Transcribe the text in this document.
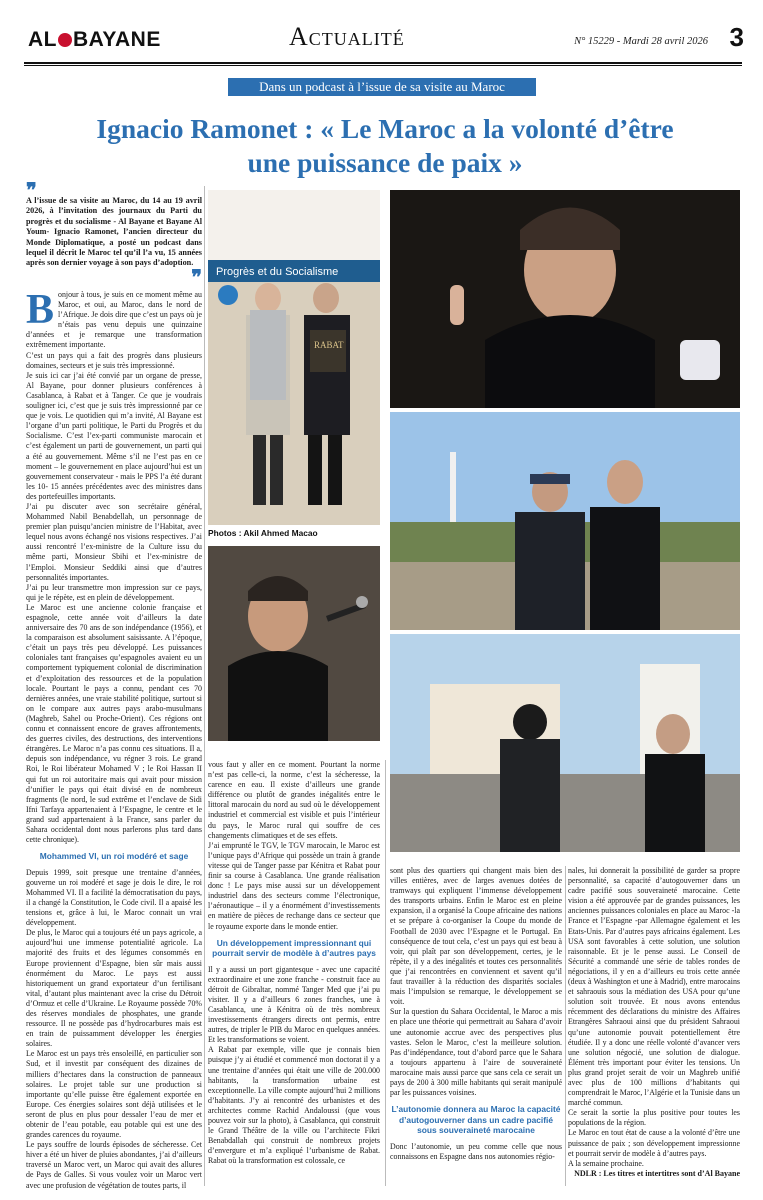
AL BAYANE	Actualité	N° 15229 - Mardi 28 avril 2026 3
Dans un podcast à l’issue de sa visite au Maroc
Ignacio Ramonet : « Le Maroc a la volonté d’être
une puissance de paix »
❞

A l’issue de sa visite au Maroc, du 14 au 19 avril 2026, à l’invitation des journaux du Parti du progrès et du socialisme - Al Bayane et Bayane Al Youm- Ignacio Ramonet, l’ancien directeur du Monde Diplomatique, a posté un podcast dans lequel il décrit le Maroc tel qu’il l’a vu, 15 années après son dernier voyage à son pays d’adoption.

❞
B onjour à tous, je suis en ce moment même au Maroc, et oui, au Maroc, dans le nord de l’Afrique. Je dois dire que c’est un pays où je n’étais pas venu depuis une quinzaine d’années et je remarque une transformation extrêmement importante.

C’est un pays qui a fait des progrès dans plusieurs domaines, secteurs et je suis très impressionné.

Je suis ici car j’ai été convié par un organe de presse, Al Bayane, pour donner plusieurs conférences à Casablanca, à Rabat et à Tanger. Ce que je voudrais souligner ici, c’est que je suis très impressionné par ce que je vois. Le quotidien qui m’a invité, Al Bayane est l’organe d’un parti politique, le Parti du Progrès et du Socialisme. C’est l’ex-parti communiste marocain et c’est également un parti de gouvernement, un parti qui a été au gouvernement. Même s’il ne l’est pas en ce moment – le gouvernement en place aujourd’hui est un gouvernement conservateur - mais le PPS l’a été durant les 10- 15 années précédentes avec des ministres dans des portefeuilles importants.

J’ai pu discuter avec son secrétaire général, Mohammed Nabil Benabdellah, un personnage de premier plan puisqu’ancien ministre de l’Habitat, avec lequel nous avons échangé nos visions respectives. J’ai aussi rencontré l’ex-ministre de la Culture issu du même parti, Monsieur Sbihi et l’ex-ministre de l’Emploi. Monsieur Seddiki ainsi que d’autres personnalités importantes.

J’ai pu leur transmettre mon impression sur ce pays, qui je le répète, est en plein de développement.

Le Maroc est une ancienne colonie française et espagnole, cette année voit d’ailleurs la date anniversaire des 70 ans de son indépendance (1956), et la comparaison est absolument saisissante. A l’époque, c’était un pays très peu développé. Les puissances coloniales tant françaises qu’espagnoles avaient eu un comportement typiquement colonial de discrimination et d’exploitation des ressources et de la population locale. Pourtant le pays a connu, pendant ces 70 dernières années, une vraie stabilité politique, surtout si on le compare aux autres pays arabo-musulmans (Maghreb, Sahel ou Proche-Orient). Ces régions ont connu et connaissent encore de graves affrontements, des guerres civiles, des destructions, des interventions étrangères. Le Maroc n’a pas connu ces situations. Il a, depuis son indépendance, vu régner 3 rois. Le grand Roi, le Roi libérateur Mohamed V ; le Roi Hassan II qui fut un roi autoritaire mais qui avait pour mission d’unifier le pays qui était divisé en de nombreux fragments (le nord, le sud extrême et l’enclave de Sidi Ifni Tarfaya appartenaient à l’Espagne, le centre et le grand sud appartenaient à la France, sans parler du Sahara occidental dont nous parlerons plus tard dans cette chronique).

Mohammed VI, un roi modéré et sage

Depuis 1999, soit presque une trentaine d’années, gouverne un roi modéré et sage je dois le dire, le roi Mohammed VI. Il a facilité la démocratisation du pays, il a changé la Constitution, le Code civil. Il a apaisé les tensions et, grâce à lui, le Maroc connait un vrai développement.

De plus, le Maroc qui a toujours été un pays agricole, a aujourd’hui une immense potentialité agricole. La majorité des fruits et des légumes consommés en Europe proviennent d’Espagne, bien sûr mais aussi énormément du Maroc. Le pays est aussi historiquement un grand exportateur d’un fertilisant vital, d’autant plus maintenant avec la crise du Détroit d’Ormuz et celle d’Ukraine. Le Royaume possède 70% des réserves mondiales de phosphates, une grande ressource. Il ne possède pas d’hydrocarbures mais est en train de puissamment développer les énergies solaires.

Le Maroc est un pays très ensoleillé, en particulier son Sud, et il investit par conséquent des dizaines de milliers d’hectares dans la construction de panneaux solaires. Le projet table sur une production si importante qu’elle puisse être également exportée en Europe. Ces énergies solaires sont déjà utilisées et le seront de plus en plus pour dessaler l’eau de mer et obtenir de l’eau potable, eau potable qui est une des grandes carences du royaume.

Le pays souffre de lourds épisodes de sécheresse. Cet hiver a été un hiver de pluies abondantes, j’ai d’ailleurs traversé un Maroc vert, un Maroc qui avait des allures de Pays de Galles. Si vous voulez voir un Maroc vert avec une profusion de végétation de toutes parts, il

Progrès et du Socialisme
RABAT
Photos : Akil Ahmed Macao

vous faut y aller en ce moment. Pourtant la norme n’est pas celle-ci, la norme, c’est la sécheresse, la carence en eau. Il existe d’ailleurs une grande différence ou plutôt de grandes inégalités entre le littoral marocain du nord au sud où le développement industriel et commercial est visible et puis l’intérieur du pays, le Maroc rural qui souffre de ces changements climatiques et de ses effets.

J’ai emprunté le TGV, le TGV marocain, le Maroc est l’unique pays d’Afrique qui possède un train à grande vitesse qui de Tanger passe par Kénitra et Rabat pour finir sa course à Casablanca. Une grande réalisation donc ! Le pays mise aussi sur un développement industriel dans des secteurs comme l’électronique, l’aéronautique – il y a énormément d’investissements en matière de pièces de rechange dans ce secteur que le royaume exporte dans le monde entier.

Un développement impressionnant qui pourrait servir de modèle à d’autres pays

Il y a aussi un port gigantesque - avec une capacité extraordinaire et une zone franche - construit face au détroit de Gibraltar, nommé Tanger Med que j’ai pu visiter. Il y a d’ailleurs 6 zones franches, une à Casablanca, une à Kénitra où de très nombreux investissements étrangers directs ont permis, entre autres, de tripler le PIB du Maroc en quelques années. Et les transformations se voient.

A Rabat par exemple, ville que je connais bien puisque j’y ai étudié et commencé mon doctorat il y a une trentaine d’années qui était une ville de 200.000 habitants, la transformation urbaine est exceptionnelle. La ville compte aujourd’hui 2 millions d’habitants. J’y ai rencontré des urbanistes et des architectes comme Rachid Andaloussi (que vous pouvez voir sur la photo), à Casablanca, qui construit le Grand Théâtre de la ville ou l’architecte Fikri Benabdallah qui construit de nombreux projets d’envergure et m’a expliqué l’urbanisme de Rabat. Rabat où la transformation est colossale, ce

sont plus des quartiers qui changent mais bien des villes entières, avec de larges avenues dotées de tramways qui expliquent l’immense développement des transports urbains. Enfin le Maroc est en pleine expansion, il a organisé la Coupe africaine des nations et se prépare à co-organiser la Coupe du monde de Football de 2030 avec l’Espagne et le Portugal. En conséquence de tout cela, c’est un pays qui est beau à voir, qui plaît par son développement, certes, je le répète, il y a des inégalités et toutes ces personnalités que j’ai rencontrées en conviennent et savent qu’il faut travailler à la réduction des disparités sociales mais l’impulsion se remarque, le développement se voit.

Sur la question du Sahara Occidental, le Maroc a mis en place une théorie qui permettrait au Sahara d’avoir une autonomie accrue avec des perspectives plus vastes. Selon le Maroc, c’est la meilleure solution. Pas d’indépendance, tout d’abord parce que le Sahara a toujours appartenu à l’aire de souveraineté marocaine mais aussi parce que sans cela ce serait un pays de 200 à 300 mille habitants qui serait manipulé par les puissances voisines.

L’autonomie donnera au Maroc la capacité d’autogouverner dans un cadre pacifié sous souveraineté marocaine

Donc l’autonomie, un peu comme celle que nous connaissons en Espagne dans nos autonomies régio-

nales, lui donnerait la possibilité de garder sa propre personnalité, sa capacité d’autogouverner dans un cadre pacifié sous souveraineté marocaine. Cette vision a été approuvée par de grandes puissances, les anciennes puissances coloniales en place au Maroc -la France et l’Espagne -par Allemagne également et les Etats-Unis. Par d’autres pays africains également. Les USA sont favorables à cette solution, une solution raisonnable. Et je le pense aussi. Le Conseil de Sécurité a commandé une série de tables rondes de négociations, il y en a d’ailleurs eu trois cette année (deux à Washington et une à Madrid), entre marocains et sahraouis sous la médiation des USA pour qu’une solution soit trouvée. Et nous avons entendus récemment des déclarations du ministre des Affaires Etrangères Sahraoui ainsi que du président Sahraoui qu’une autonomie pouvait potentiellement être étudiée. Il y a donc une réelle volonté d’avancer vers une solution négocié, une solution de dialogue. Élément très important pour éviter les tensions. Un plus grand projet serait de voir un Maghreb unifié avec plus de 100 millions d’habitants qui comprendrait le Maroc, l’Algérie et la Tunisie dans un marché commun.

Ce serait la sortie la plus positive pour toutes les populations de la région.

Le Maroc en tout état de cause a la volonté d’être une puissance de paix ; son développement impressionne et pourrait servir de modèle à d’autres pays.

A la semaine prochaine.

NDLR : Les titres et intertitres sont d’Al Bayane
